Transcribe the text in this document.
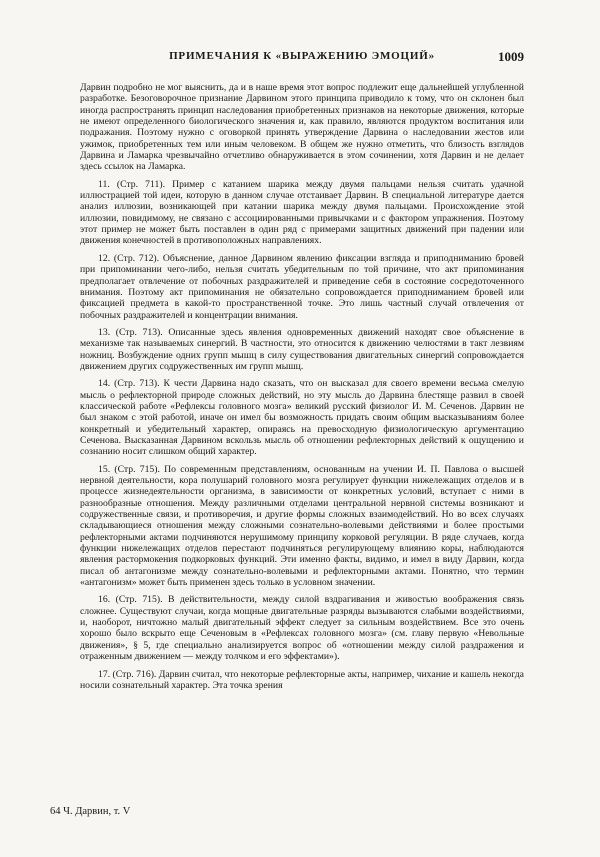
ПРИМЕЧАНИЯ К «ВЫРАЖЕНИЮ ЭМОЦИЙ»	1009

Дарвин подробно не мог выяснить, да и в наше время этот вопрос подлежит еще дальнейшей углубленной разработке. Безоговорочное признание Дарвином этого принципа приводило к тому, что он склонен был иногда распространять принцип наследования приобретенных признаков на некоторые движения, которые не имеют определенного биологического значения и, как правило, являются продуктом воспитания или подражания. Поэтому нужно с оговоркой принять утверждение Дарвина о наследовании жестов или ужимок, приобретенных тем или иным человеком. В общем же нужно отметить, что близость взглядов Дарвина и Ламарка чрезвычайно отчетливо обнаруживается в этом сочинении, хотя Дарвин и не делает здесь ссылок на Ламарка.

11. (Стр. 711). Пример с катанием шарика между двумя пальцами нельзя считать удачной иллюстрацией той идеи, которую в данном случае отстаивает Дарвин. В специальной литературе дается анализ иллюзии, возникающей при катании шарика между двумя пальцами. Происхождение этой иллюзии, повидимому, не связано с ассоциированными привычками и с фактором упражнения. Поэтому этот пример не может быть поставлен в один ряд с примерами защитных движений при падении или движения конечностей в противоположных направлениях.

12. (Стр. 712). Объяснение, данное Дарвином явлению фиксации взгляда и приподниманию бровей при припоминании чего-либо, нельзя считать убедительным по той причине, что акт припоминания предполагает отвлечение от побочных раздражителей и приведение себя в состояние сосредоточенного внимания. Поэтому акт припоминания не обязательно сопровождается приподниманием бровей или фиксацией предмета в какой-то пространственной точке. Это лишь частный случай отвлечения от побочных раздражителей и концентрации внимания.

13. (Стр. 713). Описанные здесь явления одновременных движений находят свое объяснение в механизме так называемых синергий. В частности, это относится к движению челюстями в такт лезвиям ножниц. Возбуждение одних групп мышц в силу существования двигательных синергий сопровождается движением других содружественных им групп мышц.

14. (Стр. 713). К чести Дарвина надо сказать, что он высказал для своего времени весьма смелую мысль о рефлекторной природе сложных действий, но эту мысль до Дарвина блестяще развил в своей классической работе «Рефлексы головного мозга» великий русский физиолог И. М. Сеченов. Дарвин не был знаком с этой работой, иначе он имел бы возможность придать своим общим высказываниям более конкретный и убедительный характер, опираясь на превосходную физиологическую аргументацию Сеченова. Высказанная Дарвином вскользь мысль об отношении рефлекторных действий к ощущению и сознанию носит слишком общий характер.

15. (Стр. 715). По современным представлениям, основанным на учении И. П. Павлова о высшей нервной деятельности, кора полушарий головного мозга регулирует функции нижележащих отделов и в процессе жизнедеятельности организма, в зависимости от конкретных условий, вступает с ними в разнообразные отношения. Между различными отделами центральной нервной системы возникают и содружественные связи, и противоречия, и другие формы сложных взаимодействий. Но во всех случаях складывающиеся отношения между сложными сознательно-волевыми действиями и более простыми рефлекторными актами подчиняются нерушимому принципу корковой регуляции. В ряде случаев, когда функции нижележащих отделов перестают подчиняться регулирующему влиянию коры, наблюдаются явления растормокения подкорковых функций. Эти именно факты, видимо, и имел в виду Дарвин, когда писал об антагонизме между сознательно-волевыми и рефлекторными актами. Понятно, что термин «антагонизм» может быть применен здесь только в условном значении.

16. (Стр. 715). В действительности, между силой вздрагивания и живостью воображения связь сложнее. Существуют случаи, когда мощные двигательные разряды вызываются слабыми воздействиями, и, наоборот, ничтожно малый двигательный эффект следует за сильным воздействием. Все это очень хорошо было вскрыто еще Сеченовым в «Рефлексах головного мозга» (см. главу первую «Невольные движения», § 5, где специально анализируется вопрос об «отношении между силой раздражения и отраженным движением — между толчком и его эффектами»).

17. (Стр. 716). Дарвин считал, что некоторые рефлекторные акты, например, чихание и кашель некогда носили сознательный характер. Эта точка зрения

64 Ч. Дарвин, т. V
